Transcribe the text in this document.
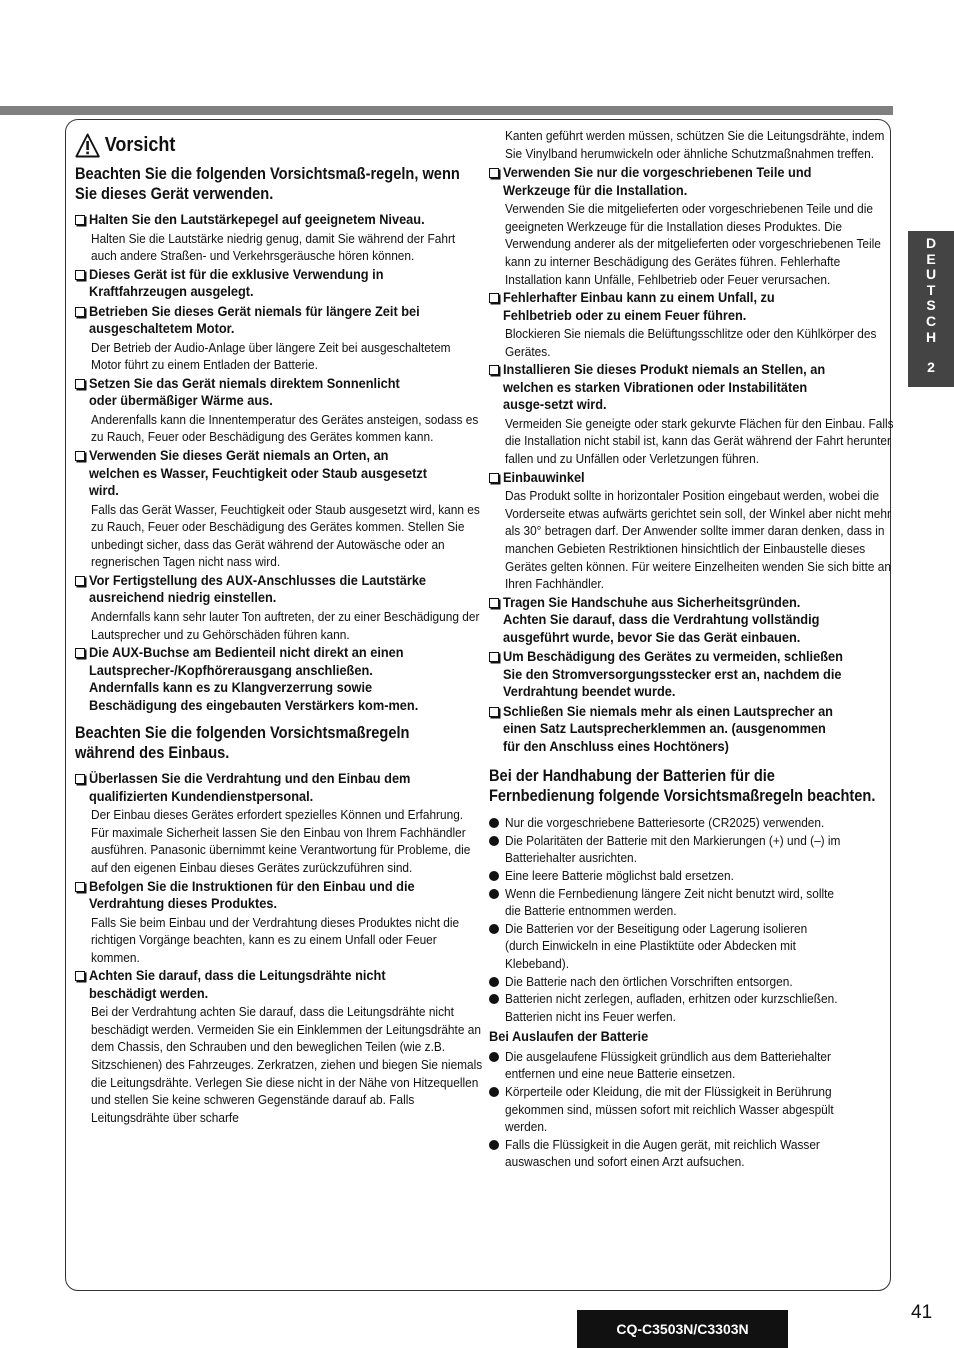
Vorsicht
Beachten Sie die folgenden Vorsichtsmaß-regeln, wenn Sie dieses Gerät verwenden.
Halten Sie den Lautstärkepegel auf geeignetem Niveau.
Halten Sie die Lautstärke niedrig genug, damit Sie während der Fahrt auch andere Straßen- und Verkehrsgeräusche hören können.
Dieses Gerät ist für die exklusive Verwendung in Kraftfahrzeugen ausgelegt.
Betrieben Sie dieses Gerät niemals für längere Zeit bei ausgeschaltetem Motor.
Der Betrieb der Audio-Anlage über längere Zeit bei ausgeschaltetem Motor führt zu einem Entladen der Batterie.
Setzen Sie das Gerät niemals direktem Sonnenlicht oder übermäßiger Wärme aus.
Anderenfalls kann die Innentemperatur des Gerätes ansteigen, sodass es zu Rauch, Feuer oder Beschädigung des Gerätes kommen kann.
Verwenden Sie dieses Gerät niemals an Orten, an welchen es Wasser, Feuchtigkeit oder Staub ausgesetzt wird.
Falls das Gerät Wasser, Feuchtigkeit oder Staub ausgesetzt wird, kann es zu Rauch, Feuer oder Beschädigung des Gerätes kommen. Stellen Sie unbedingt sicher, dass das Gerät während der Autowäsche oder an regnerischen Tagen nicht nass wird.
Vor Fertigstellung des AUX-Anschlusses die Lautstärke ausreichend niedrig einstellen.
Andernfalls kann sehr lauter Ton auftreten, der zu einer Beschädigung der Lautsprecher und zu Gehörschäden führen kann.
Die AUX-Buchse am Bedienteil nicht direkt an einen Lautsprecher-/Kopfhörerausgang anschließen. Andernfalls kann es zu Klangverzerrung sowie Beschädigung des eingebauten Verstärkers kom-men.
Beachten Sie die folgenden Vorsichtsmaßregeln während des Einbaus.
Überlassen Sie die Verdrahtung und den Einbau dem qualifizierten Kundendienstpersonal.
Der Einbau dieses Gerätes erfordert spezielles Können und Erfahrung. Für maximale Sicherheit lassen Sie den Einbau von Ihrem Fachhändler ausführen. Panasonic übernimmt keine Verantwortung für Probleme, die auf den eigenen Einbau dieses Gerätes zurückzuführen sind.
Befolgen Sie die Instruktionen für den Einbau und die Verdrahtung dieses Produktes.
Falls Sie beim Einbau und der Verdrahtung dieses Produktes nicht die richtigen Vorgänge beachten, kann es zu einem Unfall oder Feuer kommen.
Achten Sie darauf, dass die Leitungsdrähte nicht beschädigt werden.
Bei der Verdrahtung achten Sie darauf, dass die Leitungsdrähte nicht beschädigt werden. Vermeiden Sie ein Einklemmen der Leitungsdrähte an dem Chassis, den Schrauben und den beweglichen Teilen (wie z.B. Sitzschienen) des Fahrzeuges. Zerkratzen, ziehen und biegen Sie niemals die Leitungsdrähte. Verlegen Sie diese nicht in der Nähe von Hitzequellen und stellen Sie keine schweren Gegenstände darauf ab. Falls Leitungsdrähte über scharfe
Kanten geführt werden müssen, schützen Sie die Leitungsdrähte, indem Sie Vinylband herumwickeln oder ähnliche Schutzmaßnahmen treffen.
Verwenden Sie nur die vorgeschriebenen Teile und Werkzeuge für die Installation.
Verwenden Sie die mitgelieferten oder vorgeschriebenen Teile und die geeigneten Werkzeuge für die Installation dieses Produktes. Die Verwendung anderer als der mitgelieferten oder vorgeschriebenen Teile kann zu interner Beschädigung des Gerätes führen. Fehlerhafte Installation kann Unfälle, Fehlbetrieb oder Feuer verursachen.
Fehlerhafter Einbau kann zu einem Unfall, zu Fehlbetrieb oder zu einem Feuer führen.
Blockieren Sie niemals die Belüftungsschlitze oder den Kühlkörper des Gerätes.
Installieren Sie dieses Produkt niemals an Stellen, an welchen es starken Vibrationen oder Instabilitäten ausge-setzt wird.
Vermeiden Sie geneigte oder stark gekurvte Flächen für den Einbau. Falls die Installation nicht stabil ist, kann das Gerät während der Fahrt herunter fallen und zu Unfällen oder Verletzungen führen.
Einbauwinkel
Das Produkt sollte in horizontaler Position eingebaut werden, wobei die Vorderseite etwas aufwärts gerichtet sein soll, der Winkel aber nicht mehr als 30° betragen darf. Der Anwender sollte immer daran denken, dass in manchen Gebieten Restriktionen hinsichtlich der Einbaustelle dieses Gerätes gelten können. Für weitere Einzelheiten wenden Sie sich bitte an Ihren Fachhändler.
Tragen Sie Handschuhe aus Sicherheitsgründen. Achten Sie darauf, dass die Verdrahtung vollständig ausgeführt wurde, bevor Sie das Gerät einbauen.
Um Beschädigung des Gerätes zu vermeiden, schließen Sie den Stromversorgungsstecker erst an, nachdem die Verdrahtung beendet wurde.
Schließen Sie niemals mehr als einen Lautsprecher an einen Satz Lautsprecherklemmen an. (ausgenommen für den Anschluss eines Hochtöners)
Bei der Handhabung der Batterien für die Fernbedienung folgende Vorsichtsmaßregeln beachten.
Nur die vorgeschriebene Batteriesorte (CR2025) verwenden.
Die Polaritäten der Batterie mit den Markierungen (+) und (–) im Batteriehalter ausrichten.
Eine leere Batterie möglichst bald ersetzen.
Wenn die Fernbedienung längere Zeit nicht benutzt wird, sollte die Batterie entnommen werden.
Die Batterien vor der Beseitigung oder Lagerung isolieren (durch Einwickeln in eine Plastiktüte oder Abdecken mit Klebeband).
Die Batterie nach den örtlichen Vorschriften entsorgen.
Batterien nicht zerlegen, aufladen, erhitzen oder kurzschließen. Batterien nicht ins Feuer werfen.
Bei Auslaufen der Batterie
Die ausgelaufene Flüssigkeit gründlich aus dem Batteriehalter entfernen und eine neue Batterie einsetzen.
Körperteile oder Kleidung, die mit der Flüssigkeit in Berührung gekommen sind, müssen sofort mit reichlich Wasser abgespült werden.
Falls die Flüssigkeit in die Augen gerät, mit reichlich Wasser auswaschen und sofort einen Arzt aufsuchen.
D
E
U
T
S
C
H
2
41
CQ-C3503N/C3303N
